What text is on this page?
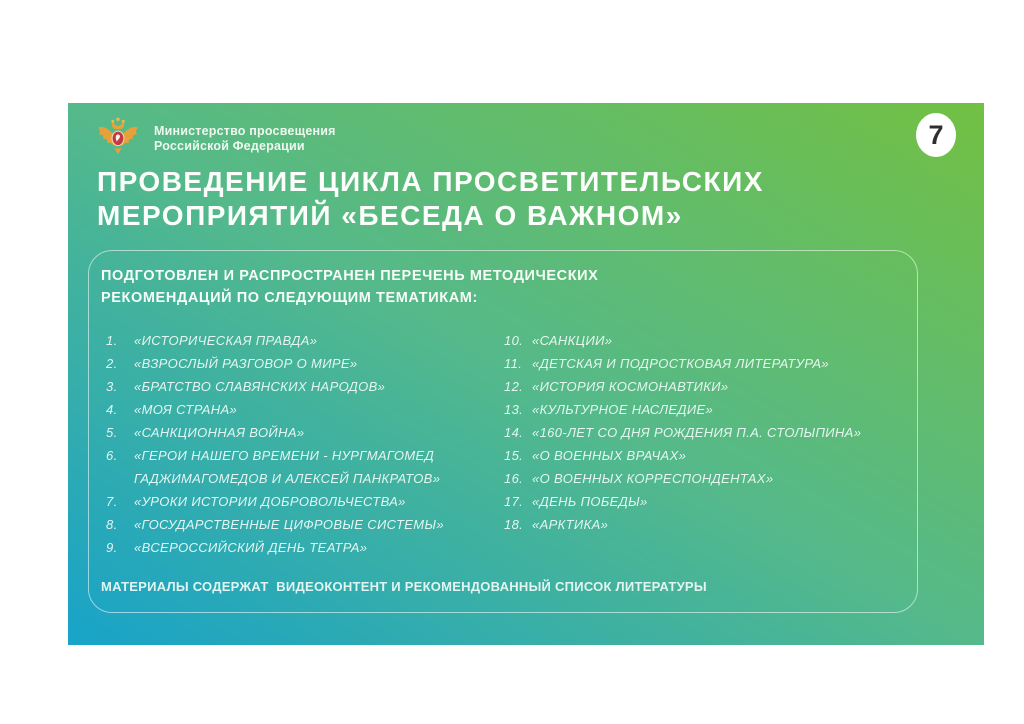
7
Министерство просвещения
Российской Федерации
ПРОВЕДЕНИЕ ЦИКЛА ПРОСВЕТИТЕЛЬСКИХ
МЕРОПРИЯТИЙ «БЕСЕДА О ВАЖНОМ»
ПОДГОТОВЛЕН И РАСПРОСТРАНЕН ПЕРЕЧЕНЬ МЕТОДИЧЕСКИХ
РЕКОМЕНДАЦИЙ ПО СЛЕДУЮЩИМ ТЕМАТИКАМ:
1.	«ИСТОРИЧЕСКАЯ ПРАВДА»
2.	«ВЗРОСЛЫЙ РАЗГОВОР О МИРЕ»
3.	«БРАТСТВО СЛАВЯНСКИХ НАРОДОВ»
4.	«МОЯ СТРАНА»
5.	«САНКЦИОННАЯ ВОЙНА»
6.	«ГЕРОИ НАШЕГО ВРЕМЕНИ - НУРГМАГОМЕД ГАДЖИМАГОМЕДОВ И АЛЕКСЕЙ ПАНКРАТОВ»
7.	«УРОКИ ИСТОРИИ ДОБРОВОЛЬЧЕСТВА»
8.	«ГОСУДАРСТВЕННЫЕ ЦИФРОВЫЕ СИСТЕМЫ»
9.	«ВСЕРОССИЙСКИЙ ДЕНЬ ТЕАТРА»
10. «САНКЦИИ»
11. «ДЕТСКАЯ И ПОДРОСТКОВАЯ ЛИТЕРАТУРА»
12. «ИСТОРИЯ КОСМОНАВТИКИ»
13. «КУЛЬТУРНОЕ НАСЛЕДИЕ»
14. «160-ЛЕТ СО ДНЯ РОЖДЕНИЯ П.А. СТОЛЫПИНА»
15. «О ВОЕННЫХ ВРАЧАХ»
16. «О ВОЕННЫХ КОРРЕСПОНДЕНТАХ»
17. «ДЕНЬ ПОБЕДЫ»
18. «АРКТИКА»
МАТЕРИАЛЫ СОДЕРЖАТ  ВИДЕОКОНТЕНТ И РЕКОМЕНДОВАННЫЙ СПИСОК ЛИТЕРАТУРЫ
